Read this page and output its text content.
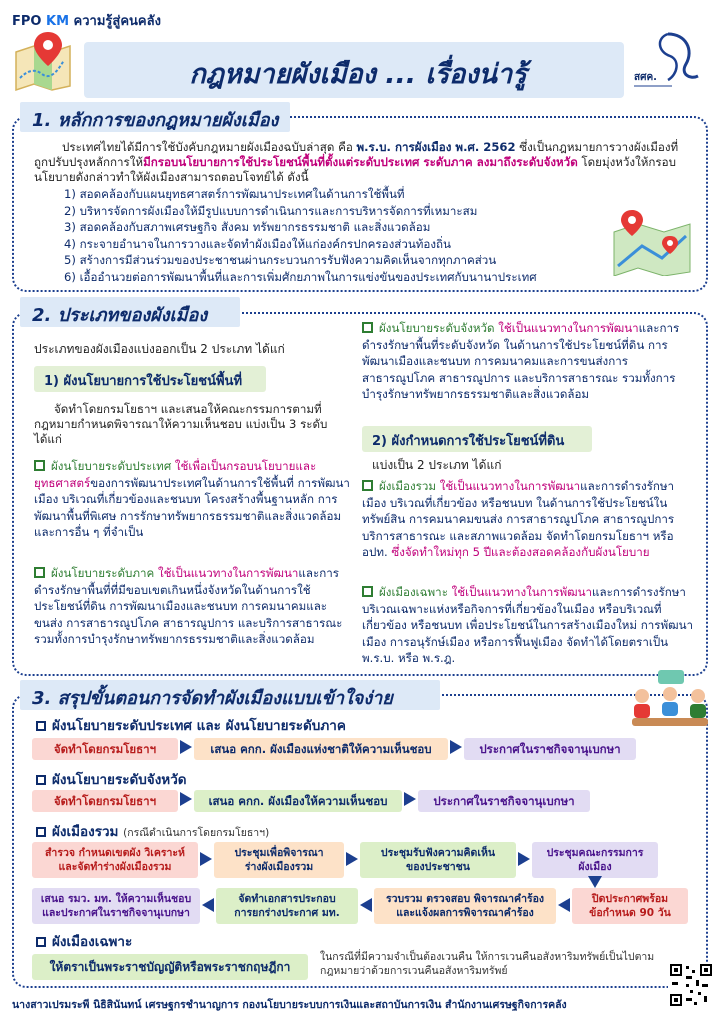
FPO KM ความรู้สู่คนคลัง
กฎหมายผังเมือง ... เรื่องน่ารู้	สศค.
1. หลักการของกฎหมายผังเมือง
ประเทศไทยได้มีการใช้บังคับกฎหมายผังเมืองฉบับล่าสุด คือ พ.ร.บ. การผังเมือง พ.ศ. 2562 ซึ่งเป็นกฎหมายการวางผังเมืองที่ถูกปรับปรุงหลักการให้มีกรอบนโยบายการใช้ประโยชน์พื้นที่ตั้งแต่ระดับประเทศ ระดับภาค ลงมาถึงระดับจังหวัด โดยมุ่งหวังให้กรอบนโยบายดังกล่าวทำให้ผังเมืองสามารถตอบโจทย์ได้ ดังนี้
1) สอดคล้องกับแผนยุทธศาสตร์การพัฒนาประเทศในด้านการใช้พื้นที่
2) บริหารจัดการผังเมืองให้มีรูปแบบการดำเนินการและการบริหารจัดการที่เหมาะสม
3) สอดคล้องกับสภาพเศรษฐกิจ สังคม ทรัพยากรธรรมชาติ และสิ่งแวดล้อม
4) กระจายอำนาจในการวางและจัดทำผังเมืองให้แก่องค์กรปกครองส่วนท้องถิ่น
5) สร้างการมีส่วนร่วมของประชาชนผ่านกระบวนการรับฟังความคิดเห็นจากทุกภาคส่วน
6) เอื้ออำนวยต่อการพัฒนาพื้นที่และการเพิ่มศักยภาพในการแข่งขันของประเทศกับนานาประเทศ
2. ประเภทของผังเมือง
ประเภทของผังเมืองแบ่งออกเป็น 2 ประเภท ได้แก่
1) ผังนโยบายการใช้ประโยชน์พื้นที่
จัดทำโดยกรมโยธาฯ และเสนอให้คณะกรรมการตามที่กฎหมายกำหนดพิจารณาให้ความเห็นชอบ แบ่งเป็น 3 ระดับ ได้แก่
ผังนโยบายระดับประเทศ ใช้เพื่อเป็นกรอบนโยบายและยุทธศาสตร์ของการพัฒนาประเทศในด้านการใช้พื้นที่ การพัฒนาเมือง บริเวณที่เกี่ยวข้องและชนบท โครงสร้างพื้นฐานหลัก การพัฒนาพื้นที่พิเศษ การรักษาทรัพยากรธรรมชาติและสิ่งแวดล้อม และการอื่น ๆ ที่จำเป็น
ผังนโยบายระดับภาค ใช้เป็นแนวทางในการพัฒนาและการดำรงรักษาพื้นที่ที่มีขอบเขตเกินหนึ่งจังหวัดในด้านการใช้ประโยชน์ที่ดิน การพัฒนาเมืองและชนบท การคมนาคมและขนส่ง การสาธารณูปโภค สาธารณูปการ และบริการสาธารณะ รวมทั้งการบำรุงรักษาทรัพยากรธรรมชาติและสิ่งแวดล้อม
ผังนโยบายระดับจังหวัด ใช้เป็นแนวทางในการพัฒนาและการดำรงรักษาพื้นที่ระดับจังหวัด ในด้านการใช้ประโยชน์ที่ดิน การพัฒนาเมืองและชนบท การคมนาคมและการขนส่งการสาธารณูปโภค สาธารณูปการ และบริการสาธารณะ รวมทั้งการบำรุงรักษาทรัพยากรธรรมชาติและสิ่งแวดล้อม
2) ผังกำหนดการใช้ประโยชน์ที่ดิน
แบ่งเป็น 2 ประเภท ได้แก่
ผังเมืองรวม ใช้เป็นแนวทางในการพัฒนาและการดำรงรักษาเมือง บริเวณที่เกี่ยวข้อง หรือชนบท ในด้านการใช้ประโยชน์ในทรัพย์สิน การคมนาคมขนส่ง การสาธารณูปโภค สาธารณูปการ บริการสาธารณะ และสภาพแวดล้อม จัดทำโดยกรมโยธาฯ หรือ อปท. ซึ่งจัดทำใหม่ทุก 5 ปีและต้องสอดคล้องกับผังนโยบาย
ผังเมืองเฉพาะ ใช้เป็นแนวทางในการพัฒนาและการดำรงรักษาบริเวณเฉพาะแห่งหรือกิจการที่เกี่ยวข้องในเมือง หรือบริเวณที่เกี่ยวข้อง หรือชนบท เพื่อประโยชน์ในการสร้างเมืองใหม่ การพัฒนาเมือง การอนุรักษ์เมือง หรือการฟื้นฟูเมือง จัดทำได้โดยตราเป็น พ.ร.บ. หรือ พ.ร.ฎ.
3. สรุปขั้นตอนการจัดทำผังเมืองแบบเข้าใจง่าย
ผังนโยบายระดับประเทศ และ ผังนโยบายระดับภาค
จัดทำโดยกรมโยธาฯ	เสนอ คกก. ผังเมืองแห่งชาติให้ความเห็นชอบ	ประกาศในราชกิจจานุเบกษา
ผังนโยบายระดับจังหวัด
จัดทำโดยกรมโยธาฯ	เสนอ คกก. ผังเมืองให้ความเห็นชอบ	ประกาศในราชกิจจานุเบกษา
ผังเมืองรวม (กรณีดำเนินการโดยกรมโยธาฯ)
สำรวจ กำหนดเขตผัง วิเคราะห์
และจัดทำร่างผังเมืองรวม
ประชุมเพื่อพิจารณา
ร่างผังเมืองรวม
ประชุมรับฟังความคิดเห็น
ของประชาชน
ประชุมคณะกรรมการ
ผังเมือง
ปิดประกาศพร้อม
ข้อกำหนด 90 วัน
รวบรวม ตรวจสอบ พิจารณาคำร้อง
และแจ้งผลการพิจารณาคำร้อง
จัดทำเอกสารประกอบ
การยกร่างประกาศ มท.
เสนอ รมว. มท. ให้ความเห็นชอบ
และประกาศในราชกิจจานุเบกษา
ผังเมืองเฉพาะ
ให้ตราเป็นพระราชบัญญัติหรือพระราชกฤษฎีกา
ในกรณีที่มีความจำเป็นต้องเวนคืน ให้การเวนคืนอสังหาริมทรัพย์เป็นไปตามกฎหมายว่าด้วยการเวนคืนอสังหาริมทรัพย์
นางสาวเปรมระพี นิธิสินันทน์ เศรษฐกรชำนาญการ กองนโยบายระบบการเงินและสถาบันการเงิน สำนักงานเศรษฐกิจการคลัง
